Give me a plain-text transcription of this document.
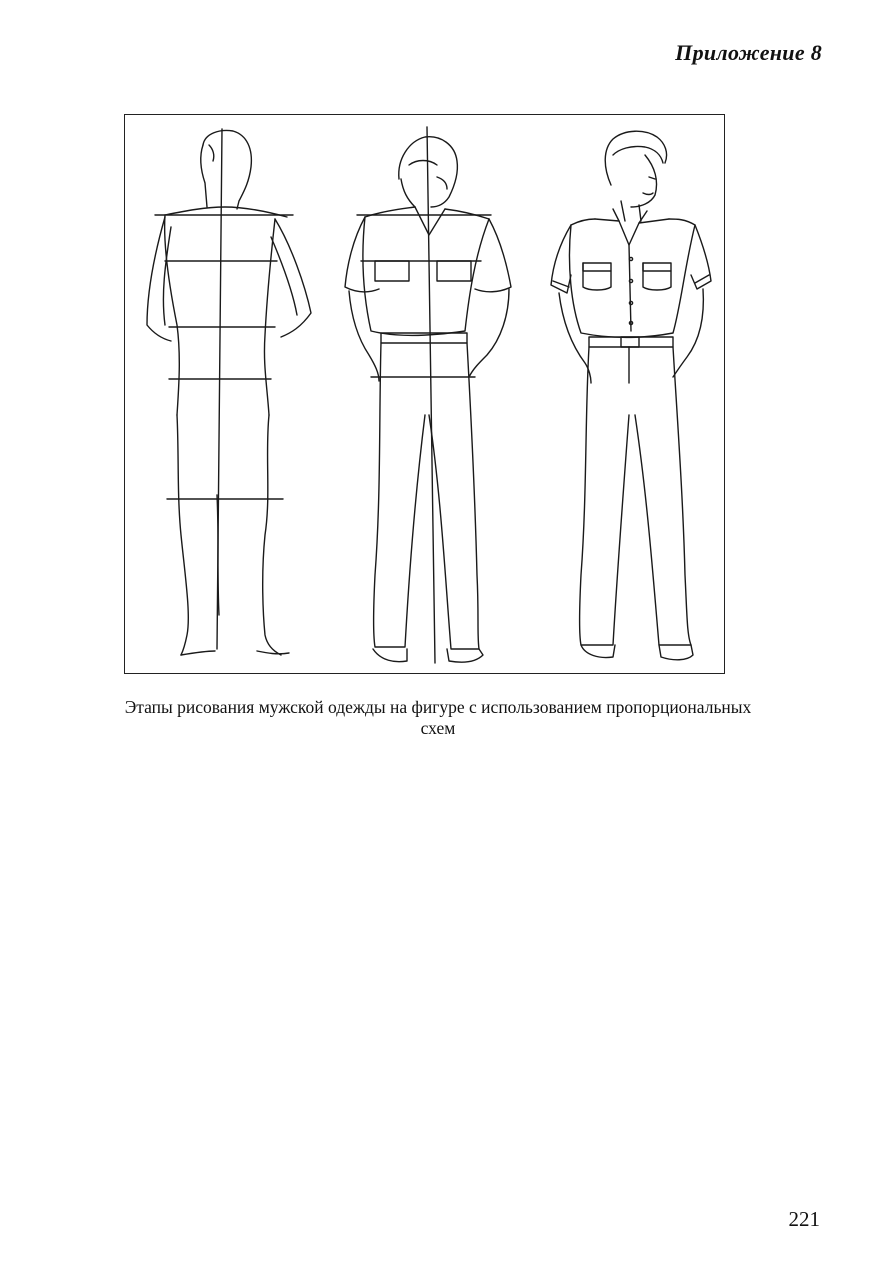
Приложение 8
Этапы рисования мужской одежды на фигуре с использованием пропорциональных
схем
221
